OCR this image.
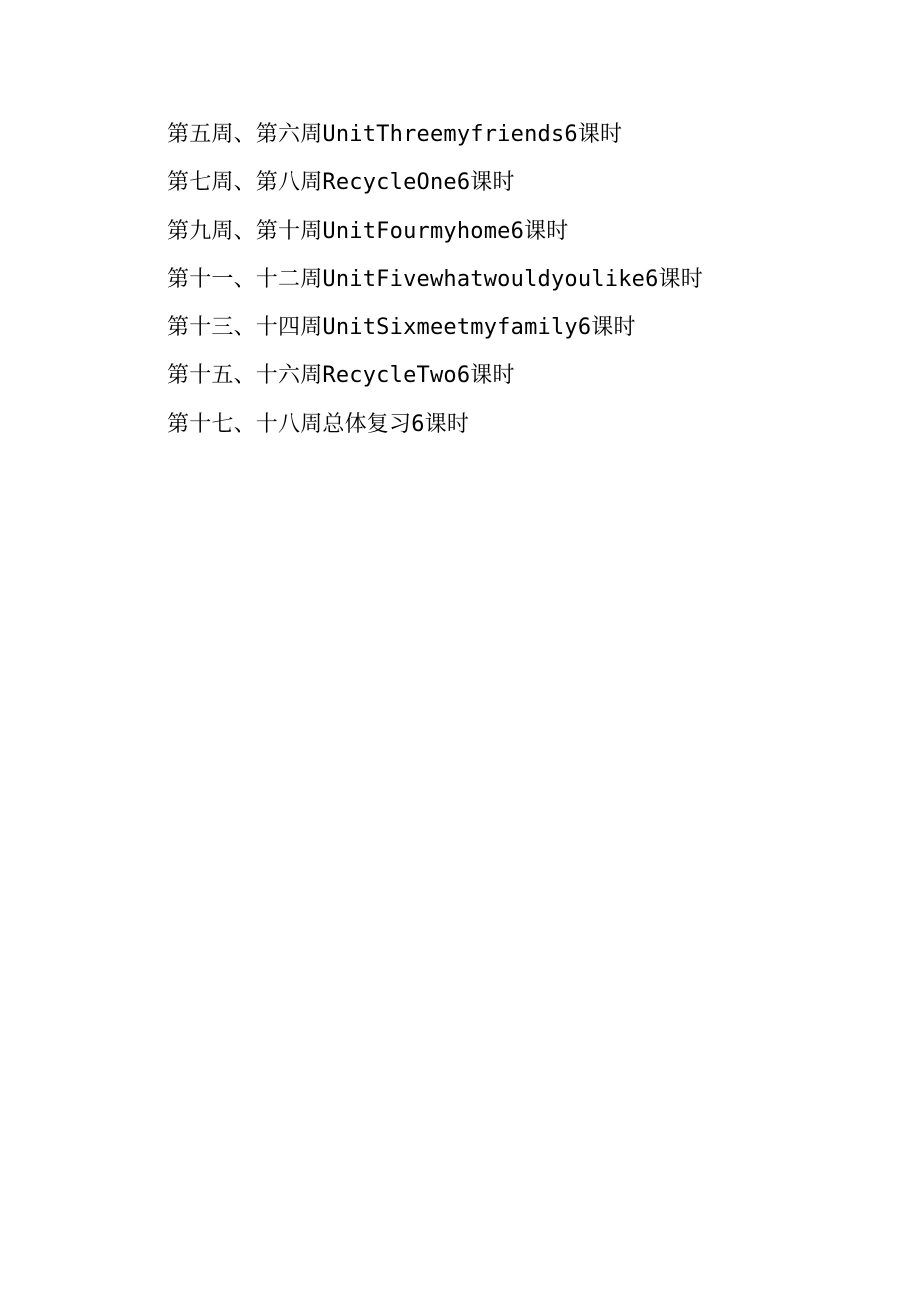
第五周、第六周UnitThreemyfriends6课时
第七周、第八周RecycleOne6课时
第九周、第十周UnitFourmyhome6课时
第十一、十二周UnitFivewhatwouldyoulike6课时
第十三、十四周UnitSixmeetmyfamily6课时
第十五、十六周RecycleTwo6课时
第十七、十八周总体复习6课时
